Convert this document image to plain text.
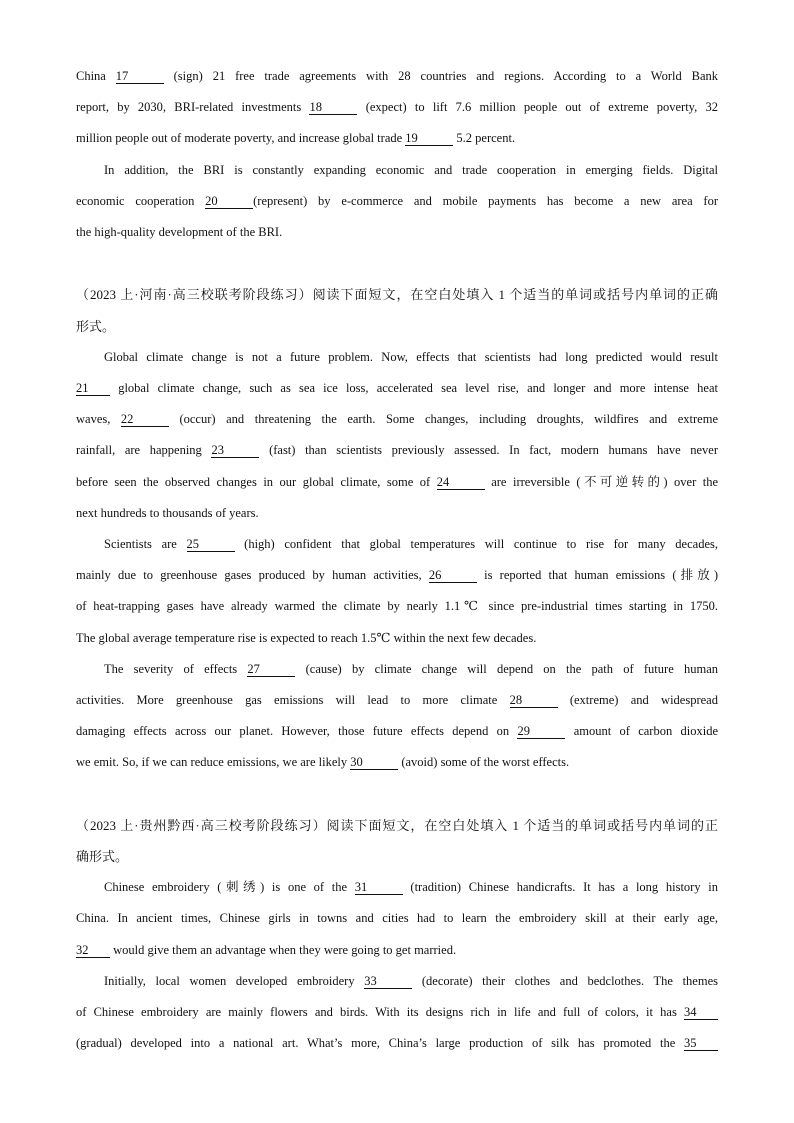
China 17	(sign) 21 free trade agreements with 28 countries and regions. According to a World Bank
report, by 2030, BRI-related investments 18	(expect) to lift 7.6 million people out of extreme poverty, 32
million people out of moderate poverty, and increase global trade 19	5.2 percent.
In addition, the BRI is constantly expanding economic and trade cooperation in emerging fields. Digital
economic cooperation 20	(represent) by e-commerce and mobile payments has become a new area for
the high-quality development of the BRI.
（2023 上·河南·高三校联考阶段练习）阅读下面短文，在空白处填入 1 个适当的单词或括号内单词的正确
形式。
Global climate change is not a future problem. Now, effects that scientists had long predicted would result
21 global climate change, such as sea ice loss, accelerated sea level rise, and longer and more intense heat
waves, 22	(occur) and threatening the earth. Some changes, including droughts, wildfires and extreme
rainfall, are happening 23	(fast) than scientists previously assessed. In fact, modern humans have never
before seen the observed changes in our global climate, some of 24	are irreversible (不可逆转的) over the
next hundreds to thousands of years.
Scientists are 25	(high) confident that global temperatures will continue to rise for many decades,
mainly due to greenhouse gases produced by human activities, 26	is reported that human emissions (排放)
of heat-trapping gases have already warmed the climate by nearly 1.1℃ since pre-industrial times starting in 1750.
The global average temperature rise is expected to reach 1.5℃ within the next few decades.
The severity of effects 27	(cause) by climate change will depend on the path of future human
activities. More greenhouse gas emissions will lead to more climate 28	(extreme) and widespread
damaging effects across our planet. However, those future effects depend on 29	amount of carbon dioxide
we emit. So, if we can reduce emissions, we are likely 30	(avoid) some of the worst effects.
（2023 上·贵州黔西·高三校考阶段练习）阅读下面短文，在空白处填入 1 个适当的单词或括号内单词的正
确形式。
Chinese embroidery (刺绣) is one of the 31	(tradition) Chinese handicrafts. It has a long history in
China. In ancient times, Chinese girls in towns and cities had to learn the embroidery skill at their early age,
32 would give them an advantage when they were going to get married.
Initially, local women developed embroidery 33	(decorate) their clothes and bedclothes. The themes
of Chinese embroidery are mainly flowers and birds. With its designs rich in life and full of colors, it has 34
(gradual) developed into a national art. What’s more, China’s large production of silk has promoted the 35
